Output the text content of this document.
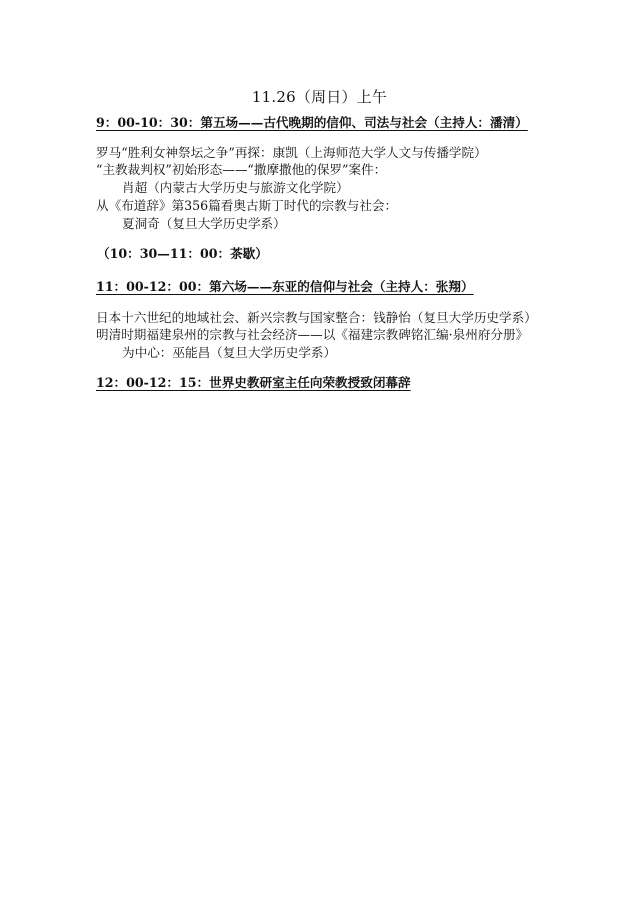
11.26（周日）上午
9：00-10：30：第五场——古代晚期的信仰、司法与社会（主持人：潘清）
罗马“胜利女神祭坛之争”再探：康凯（上海师范大学人文与传播学院）
“主教裁判权”初始形态——“撒摩撒他的保罗”案件：
肖超（内蒙古大学历史与旅游文化学院）
从《布道辞》第356篇看奥古斯丁时代的宗教与社会：
夏洞奇（复旦大学历史学系）
（10：30—11：00：茶歇）
11：00-12：00：第六场——东亚的信仰与社会（主持人：张翔）
日本十六世纪的地域社会、新兴宗教与国家整合：钱静怡（复旦大学历史学系）
明清时期福建泉州的宗教与社会经济——以《福建宗教碑铭汇编·泉州府分册》
为中心：巫能昌（复旦大学历史学系）
12：00-12：15：世界史教研室主任向荣教授致闭幕辞
